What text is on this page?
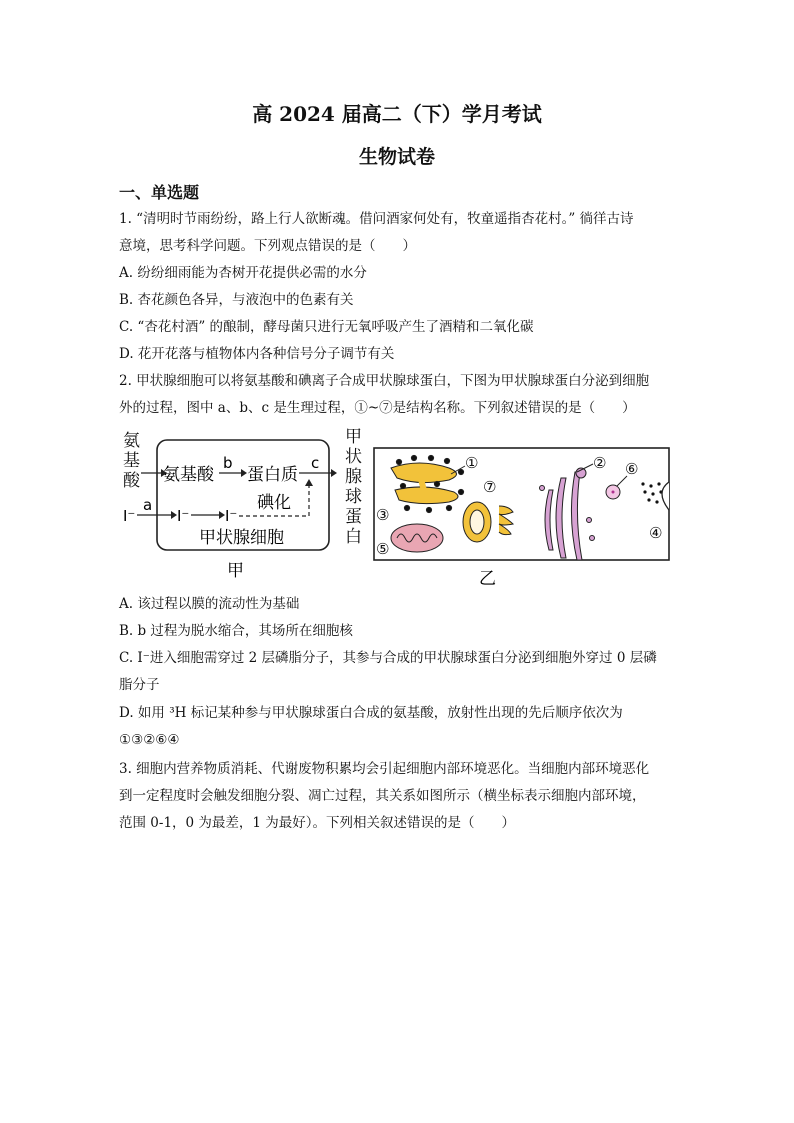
高 2024 届高二（下）学月考试
生物试卷
一、单选题
1. “清明时节雨纷纷，路上行人欲断魂。借问酒家何处有，牧童遥指杏花村。” 徜徉古诗
意境，思考科学问题。下列观点错误的是（　　）
A. 纷纷细雨能为杏树开花提供必需的水分
B. 杏花颜色各异，与液泡中的色素有关
C. “杏花村酒” 的酿制，酵母菌只进行无氧呼吸产生了酒精和二氧化碳
D. 花开花落与植物体内各种信号分子调节有关
2. 甲状腺细胞可以将氨基酸和碘离子合成甲状腺球蛋白，下图为甲状腺球蛋白分泌到细胞
外的过程，图中 a、b、c 是生理过程，①~⑦是结构名称。下列叙述错误的是（　　）
氨
基
酸 氨基酸
b
蛋白质
c
碘化
I⁻
a
I⁻ I⁻
甲状腺细胞
甲
甲
状
腺
球
蛋
白
①	②
③
④
⑤
⑥
⑦
乙
A. 该过程以膜的流动性为基础
B. b 过程为脱水缩合，其场所在细胞核
C. I⁻进入细胞需穿过 2 层磷脂分子，其参与合成的甲状腺球蛋白分泌到细胞外穿过 0 层磷
脂分子
D. 如用 ³H 标记某种参与甲状腺球蛋白合成的氨基酸，放射性出现的先后顺序依次为
①③②⑥④
3. 细胞内营养物质消耗、代谢废物积累均会引起细胞内部环境恶化。当细胞内部环境恶化
到一定程度时会触发细胞分裂、凋亡过程，其关系如图所示（横坐标表示细胞内部环境，
范围 0-1，0 为最差，1 为最好）。下列相关叙述错误的是（　　）
